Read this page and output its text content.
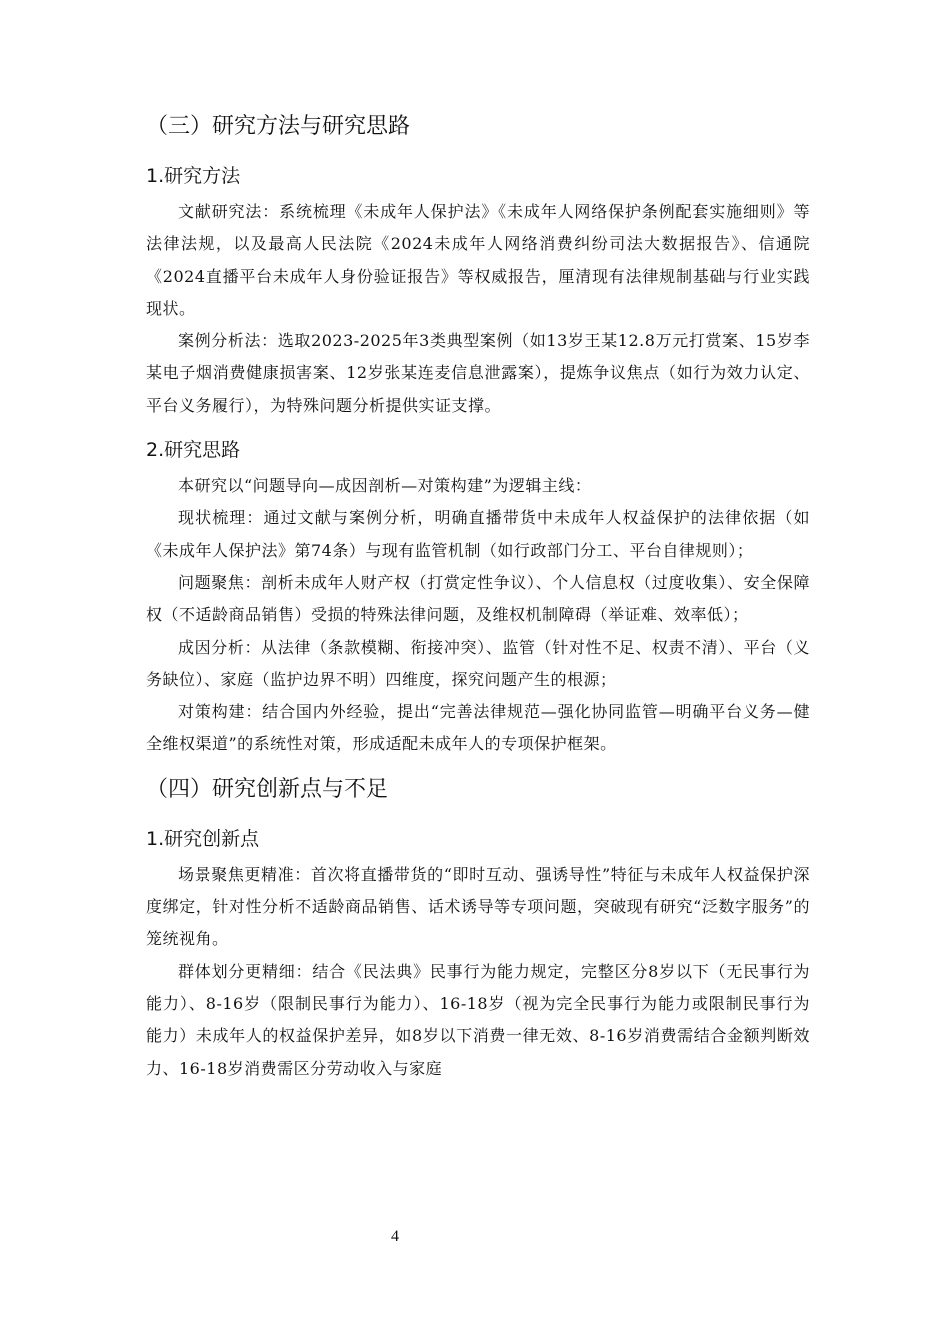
（三）研究方法与研究思路
1.研究方法

文献研究法：系统梳理《未成年人保护法》《未成年人网络保护条例配套实施细则》等法律法规，以及最高人民法院《2024未成年人网络消费纠纷司法大数据报告》、信通院《2024直播平台未成年人身份验证报告》等权威报告，厘清现有法律规制基础与行业实践现状。

案例分析法：选取2023-2025年3类典型案例（如13岁王某12.8万元打赏案、15岁李某电子烟消费健康损害案、12岁张某连麦信息泄露案），提炼争议焦点（如行为效力认定、平台义务履行），为特殊问题分析提供实证支撑。

2.研究思路

本研究以“问题导向—成因剖析—对策构建”为逻辑主线：

现状梳理：通过文献与案例分析，明确直播带货中未成年人权益保护的法律依据（如《未成年人保护法》第74条）与现有监管机制（如行政部门分工、平台自律规则）；

问题聚焦：剖析未成年人财产权（打赏定性争议）、个人信息权（过度收集）、安全保障权（不适龄商品销售）受损的特殊法律问题，及维权机制障碍（举证难、效率低）；

成因分析：从法律（条款模糊、衔接冲突）、监管（针对性不足、权责不清）、平台（义务缺位）、家庭（监护边界不明）四维度，探究问题产生的根源；

对策构建：结合国内外经验，提出“完善法律规范—强化协同监管—明确平台义务—健全维权渠道”的系统性对策，形成适配未成年人的专项保护框架。

（四）研究创新点与不足
1.研究创新点

场景聚焦更精准：首次将直播带货的“即时互动、强诱导性”特征与未成年人权益保护深度绑定，针对性分析不适龄商品销售、话术诱导等专项问题，突破现有研究“泛数字服务”的笼统视角。

群体划分更精细：结合《民法典》民事行为能力规定，完整区分8岁以下（无民事行为能力）、8-16岁（限制民事行为能力）、16-18岁（视为完全民事行为能力或限制民事行为能力）未成年人的权益保护差异，如8岁以下消费一律无效、8-16岁消费需结合金额判断效力、16-18岁消费需区分劳动收入与家庭

4
